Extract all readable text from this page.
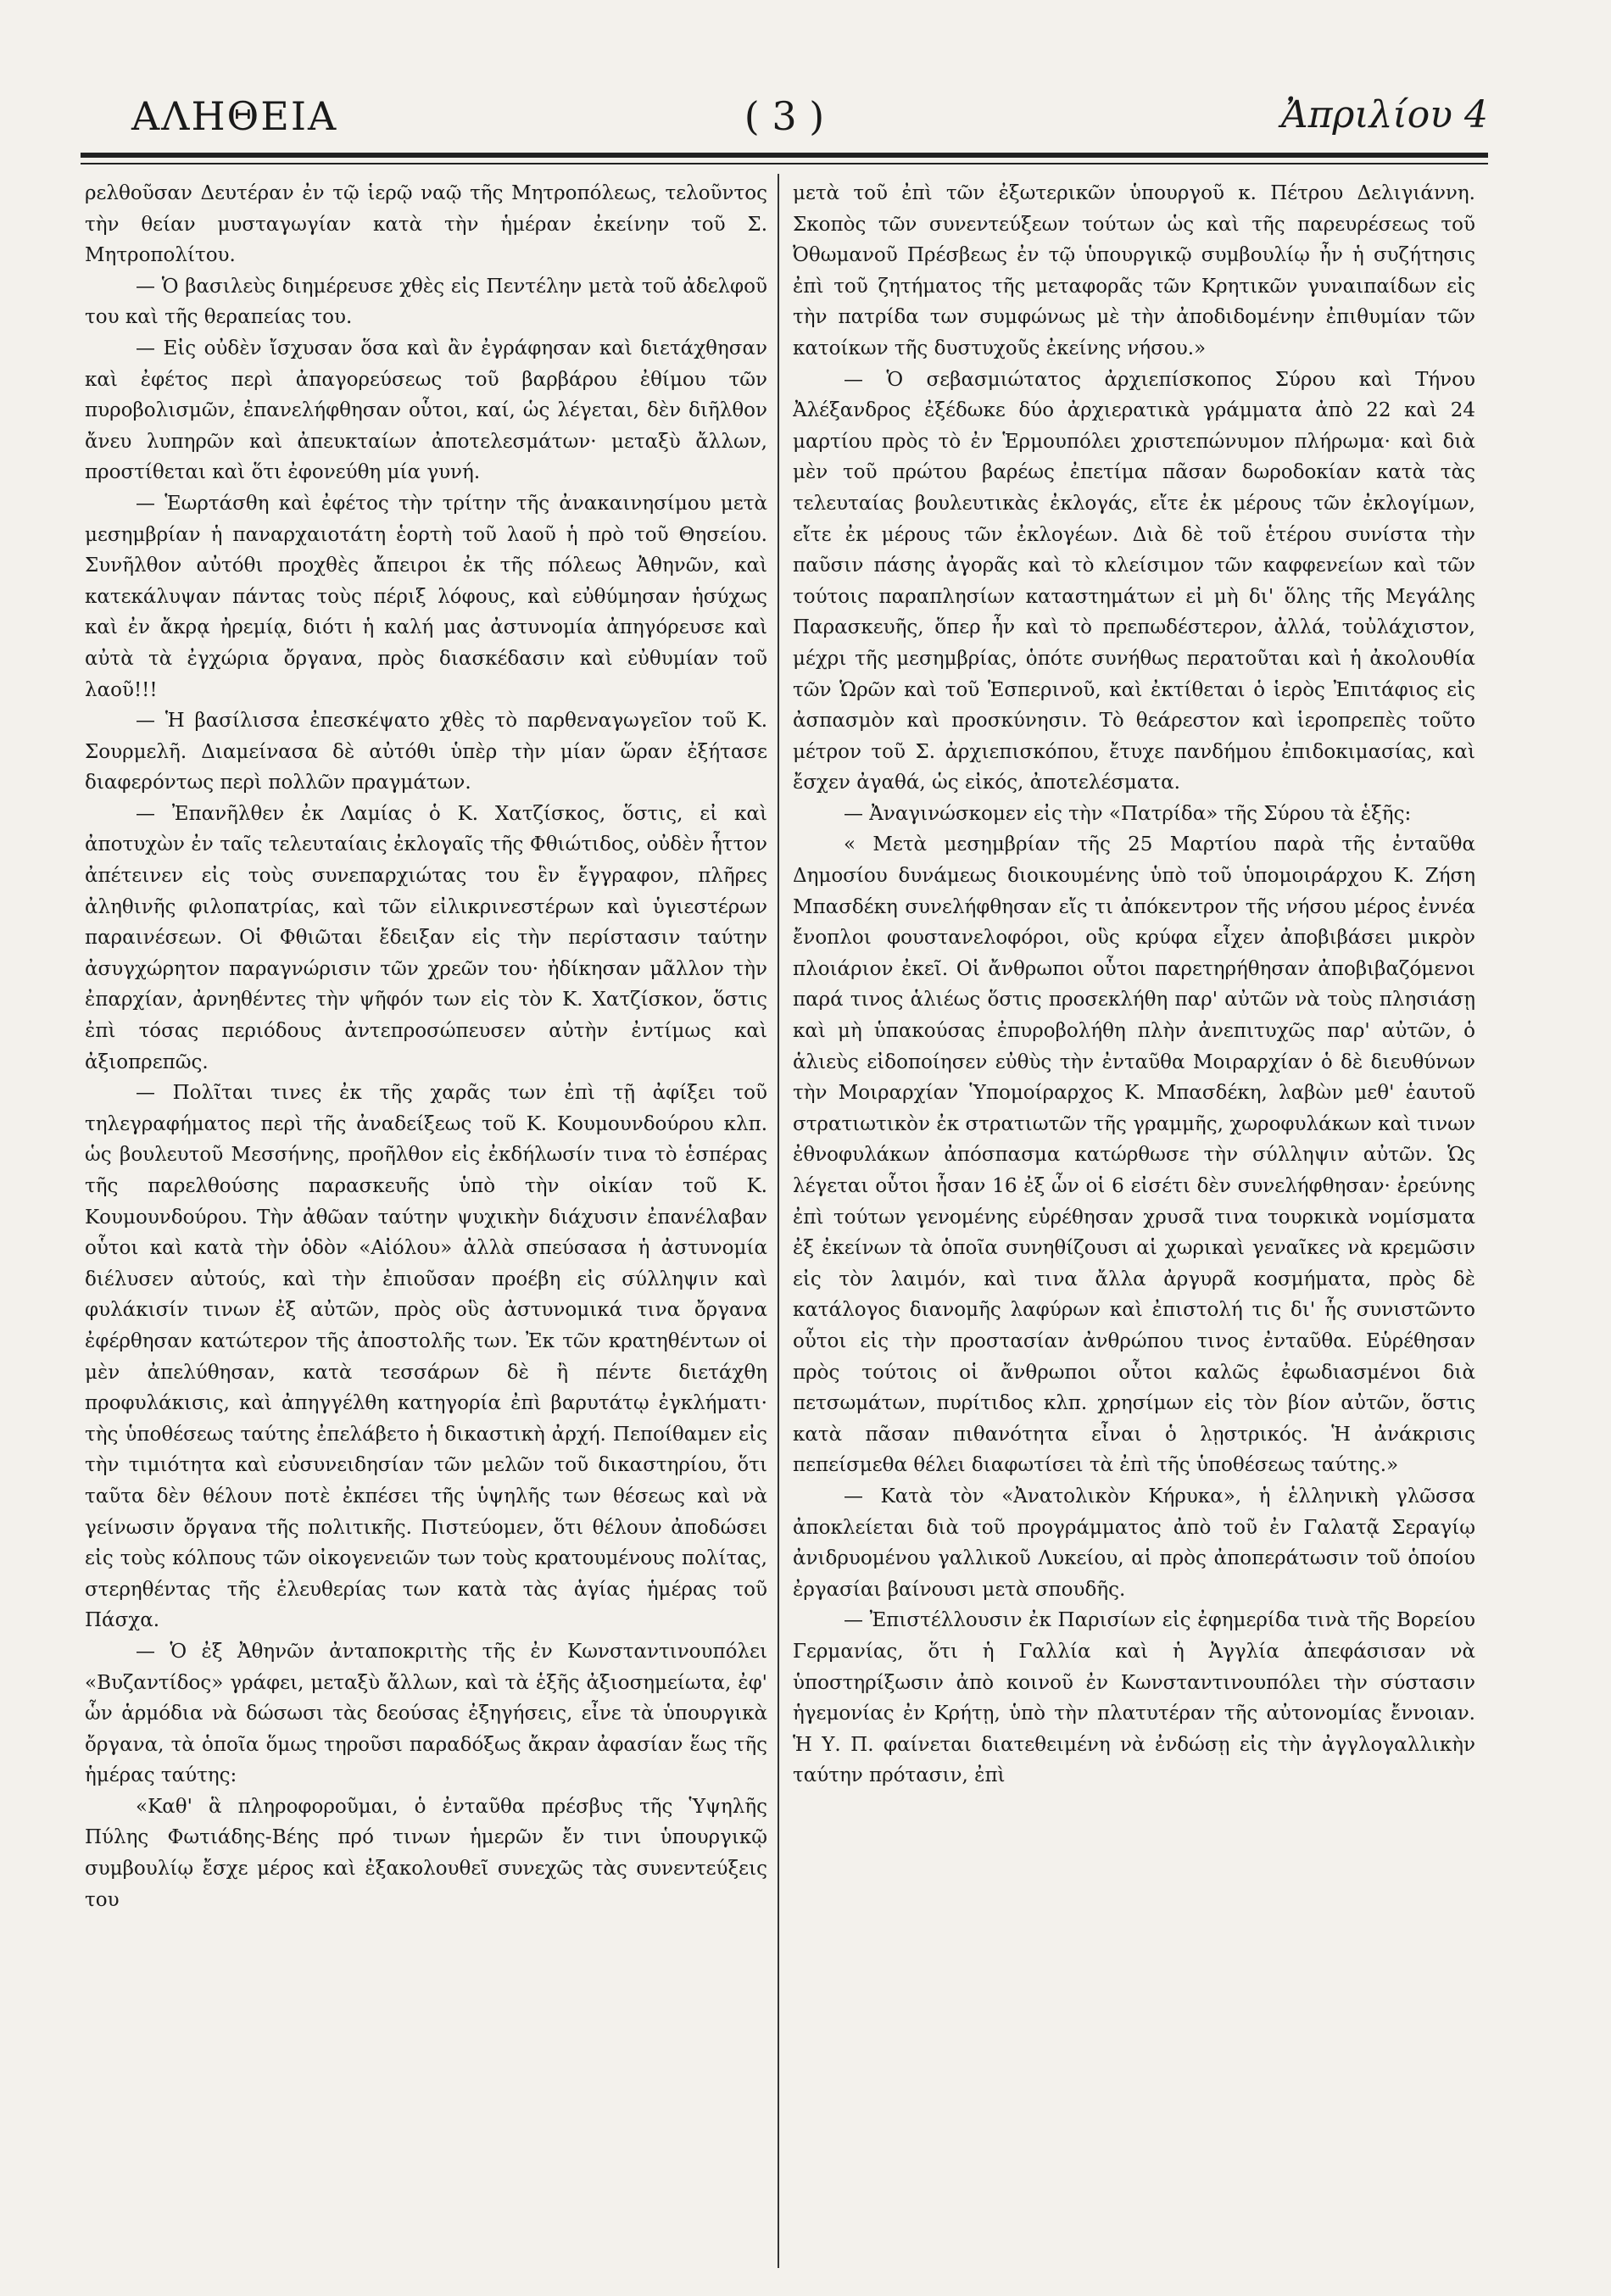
( 3 )
ΑΛΗΘΕΙΑ	Ἀπριλίου 4

ρελθοῦσαν Δευτέραν ἐν τῷ ἱερῷ ναῷ τῆς Μητροπόλεως, τελοῦντος τὴν θείαν μυσταγωγίαν κατὰ τὴν ἡμέραν ἐκείνην τοῦ Σ. Μητροπολίτου.

— Ὁ βασιλεὺς διημέρευσε χθὲς εἰς Πεντέλην μετὰ τοῦ ἀδελφοῦ του καὶ τῆς θεραπείας του.

— Εἰς οὐδὲν ἴσχυσαν ὅσα καὶ ἂν ἐγράφησαν καὶ διετάχθησαν καὶ ἐφέτος περὶ ἀπαγορεύσεως τοῦ βαρβάρου ἐθίμου τῶν πυροβολισμῶν, ἐπανελήφθησαν οὗτοι, καί, ὡς λέγεται, δὲν διῆλθον ἄνευ λυπηρῶν καὶ ἀπευκταίων ἀποτελεσμάτων· μεταξὺ ἄλλων, προστίθεται καὶ ὅτι ἐφονεύθη μία γυνή.

— Ἑωρτάσθη καὶ ἐφέτος τὴν τρίτην τῆς ἀνακαινησίμου μετὰ μεσημβρίαν ἡ παναρχαιοτάτη ἑορτὴ τοῦ λαοῦ ἡ πρὸ τοῦ Θησείου. Συνῆλθον αὐτόθι προχθὲς ἄπειροι ἐκ τῆς πόλεως Ἀθηνῶν, καὶ κατεκάλυψαν πάντας τοὺς πέριξ λόφους, καὶ εὐθύμησαν ἡσύχως καὶ ἐν ἄκρᾳ ἠρεμίᾳ, διότι ἡ καλή μας ἀστυνομία ἀπηγόρευσε καὶ αὐτὰ τὰ ἐγχώρια ὄργανα, πρὸς διασκέδασιν καὶ εὐθυμίαν τοῦ λαοῦ!!!

— Ἡ βασίλισσα ἐπεσκέψατο χθὲς τὸ παρθεναγωγεῖον τοῦ Κ. Σουρμελῆ. Διαμείνασα δὲ αὐτόθι ὑπὲρ τὴν μίαν ὥραν ἐξήτασε διαφερόντως περὶ πολλῶν πραγμάτων.

— Ἐπανῆλθεν ἐκ Λαμίας ὁ Κ. Χατζίσκος, ὅστις, εἰ καὶ ἀποτυχὼν ἐν ταῖς τελευταίαις ἐκλογαῖς τῆς Φθιώτιδος, οὐδὲν ἧττον ἀπέτεινεν εἰς τοὺς συνεπαρχιώτας του ἓν ἔγγραφον, πλῆρες ἀληθινῆς φιλοπατρίας, καὶ τῶν εἰλικρινεστέρων καὶ ὑγιεστέρων παραινέσεων. Οἱ Φθιῶται ἔδειξαν εἰς τὴν περίστασιν ταύτην ἀσυγχώρητον παραγνώρισιν τῶν χρεῶν του· ἠδίκησαν μᾶλλον τὴν ἐπαρχίαν, ἀρνηθέντες τὴν ψῆφόν των εἰς τὸν Κ. Χατζίσκον, ὅστις ἐπὶ τόσας περιόδους ἀντεπροσώπευσεν αὐτὴν ἐντίμως καὶ ἀξιοπρεπῶς.

— Πολῖται τινες ἐκ τῆς χαρᾶς των ἐπὶ τῇ ἀφίξει τοῦ τηλεγραφήματος περὶ τῆς ἀναδείξεως τοῦ Κ. Κουμουνδούρου κλπ. ὡς βουλευτοῦ Μεσσήνης, προῆλθον εἰς ἐκδήλωσίν τινα τὸ ἑσπέρας τῆς παρελθούσης παρασκευῆς ὑπὸ τὴν οἰκίαν τοῦ Κ. Κουμουνδούρου. Τὴν ἀθῶαν ταύτην ψυχικὴν διάχυσιν ἐπανέλαβαν οὗτοι καὶ κατὰ τὴν ὁδὸν «Αἰόλου» ἀλλὰ σπεύσασα ἡ ἀστυνομία διέλυσεν αὐτούς, καὶ τὴν ἐπιοῦσαν προέβη εἰς σύλληψιν καὶ φυλάκισίν τινων ἐξ αὐτῶν, πρὸς οὓς ἀστυνομικά τινα ὄργανα ἐφέρθησαν κατώτερον τῆς ἀποστολῆς των. Ἐκ τῶν κρατηθέντων οἱ μὲν ἀπελύθησαν, κατὰ τεσσάρων δὲ ἢ πέντε διετάχθη προφυλάκισις, καὶ ἀπηγγέλθη κατηγορία ἐπὶ βαρυτάτῳ ἐγκλήματι· τὴς ὑποθέσεως ταύτης ἐπελάβετο ἡ δικαστικὴ ἀρχή. Πεποίθαμεν εἰς τὴν τιμιότητα καὶ εὐσυνειδησίαν τῶν μελῶν τοῦ δικαστηρίου, ὅτι ταῦτα δὲν θέλουν ποτὲ ἐκπέσει τῆς ὑψηλῆς των θέσεως καὶ νὰ γείνωσιν ὄργανα τῆς πολιτικῆς. Πιστεύομεν, ὅτι θέλουν ἀποδώσει εἰς τοὺς κόλπους τῶν οἰκογενειῶν των τοὺς κρατουμένους πολίτας, στερηθέντας τῆς ἐλευθερίας των κατὰ τὰς ἁγίας ἡμέρας τοῦ Πάσχα.

— Ὁ ἐξ Ἀθηνῶν ἀνταποκριτὴς τῆς ἐν Κωνσταντινουπόλει «Βυζαντίδος» γράφει, μεταξὺ ἄλλων, καὶ τὰ ἑξῆς ἀξιοσημείωτα, ἐφ' ὧν ἁρμόδια νὰ δώσωσι τὰς δεούσας ἐξηγήσεις, εἶνε τὰ ὑπουργικὰ ὄργανα, τὰ ὁποῖα ὅμως τηροῦσι παραδόξως ἄκραν ἀφασίαν ἕως τῆς ἡμέρας ταύτης:

«Καθ' ἃ πληροφοροῦμαι, ὁ ἐνταῦθα πρέσβυς τῆς Ὑψηλῆς Πύλης Φωτιάδης-Βέης πρό τινων ἡμερῶν ἔν τινι ὑπουργικῷ συμβουλίῳ ἔσχε μέρος καὶ ἐξακολουθεῖ συνεχῶς τὰς συνεντεύξεις του

μετὰ τοῦ ἐπὶ τῶν ἐξωτερικῶν ὑπουργοῦ κ. Πέτρου Δελιγιάννη. Σκοπὸς τῶν συνεντεύξεων τούτων ὡς καὶ τῆς παρευρέσεως τοῦ Ὀθωμανοῦ Πρέσβεως ἐν τῷ ὑπουργικῷ συμβουλίῳ ἦν ἡ συζήτησις ἐπὶ τοῦ ζητήματος τῆς μεταφορᾶς τῶν Κρητικῶν γυναιπαίδων εἰς τὴν πατρίδα των συμφώνως μὲ τὴν ἀποδιδομένην ἐπιθυμίαν τῶν κατοίκων τῆς δυστυχοῦς ἐκείνης νήσου.»

— Ὁ σεβασμιώτατος ἀρχιεπίσκοπος Σύρου καὶ Τήνου Ἀλέξανδρος ἐξέδωκε δύο ἀρχιερατικὰ γράμματα ἀπὸ 22 καὶ 24 μαρτίου πρὸς τὸ ἐν Ἑρμουπόλει χριστεπώνυμον πλήρωμα· καὶ διὰ μὲν τοῦ πρώτου βαρέως ἐπετίμα πᾶσαν δωροδοκίαν κατὰ τὰς τελευταίας βουλευτικὰς ἐκλογάς, εἴτε ἐκ μέρους τῶν ἐκλογίμων, εἴτε ἐκ μέρους τῶν ἐκλογέων. Διὰ δὲ τοῦ ἑτέρου συνίστα τὴν παῦσιν πάσης ἀγορᾶς καὶ τὸ κλείσιμον τῶν καφφενείων καὶ τῶν τούτοις παραπλησίων καταστημάτων εἰ μὴ δι' ὅλης τῆς Μεγάλης Παρασκευῆς, ὅπερ ἦν καὶ τὸ πρεπωδέστερον, ἀλλά, τοὐλάχιστον, μέχρι τῆς μεσημβρίας, ὁπότε συνήθως περατοῦται καὶ ἡ ἀκολουθία τῶν Ὡρῶν καὶ τοῦ Ἑσπερινοῦ, καὶ ἐκτίθεται ὁ ἱερὸς Ἐπιτάφιος εἰς ἀσπασμὸν καὶ προσκύνησιν. Τὸ θεάρεστον καὶ ἱεροπρεπὲς τοῦτο μέτρον τοῦ Σ. ἀρχιεπισκόπου, ἔτυχε πανδήμου ἐπιδοκιμασίας, καὶ ἔσχεν ἀγαθά, ὡς εἰκός, ἀποτελέσματα.

— Ἀναγινώσκομεν εἰς τὴν «Πατρίδα» τῆς Σύρου τὰ ἑξῆς:

« Μετὰ μεσημβρίαν τῆς 25 Μαρτίου παρὰ τῆς ἐνταῦθα Δημοσίου δυνάμεως διοικουμένης ὑπὸ τοῦ ὑπομοιράρχου Κ. Ζήση Μπασδέκη συνελήφθησαν εἴς τι ἀπόκεντρον τῆς νήσου μέρος ἐννέα ἔνοπλοι φουστανελοφόροι, οὓς κρύφα εἶχεν ἀποβιβάσει μικρὸν πλοιάριον ἐκεῖ. Οἱ ἄνθρωποι οὗτοι παρετηρήθησαν ἀποβιβαζόμενοι παρά τινος ἁλιέως ὅστις προσεκλήθη παρ' αὐτῶν νὰ τοὺς πλησιάσῃ καὶ μὴ ὑπακούσας ἐπυροβολήθη πλὴν ἀνεπιτυχῶς παρ' αὐτῶν, ὁ ἁλιεὺς εἰδοποίησεν εὐθὺς τὴν ἐνταῦθα Μοιραρχίαν ὁ δὲ διευθύνων τὴν Μοιραρχίαν Ὑπομοίραρχος Κ. Μπασδέκη, λαβὼν μεθ' ἑαυτοῦ στρατιωτικὸν ἐκ στρατιωτῶν τῆς γραμμῆς, χωροφυλάκων καὶ τινων ἐθνοφυλάκων ἀπόσπασμα κατώρθωσε τὴν σύλληψιν αὐτῶν. Ὡς λέγεται οὗτοι ἦσαν 16 ἐξ ὧν οἱ 6 εἰσέτι δὲν συνελήφθησαν· ἐρεύνης ἐπὶ τούτων γενομένης εὑρέθησαν χρυσᾶ τινα τουρκικὰ νομίσματα ἐξ ἐκείνων τὰ ὁποῖα συνηθίζουσι αἱ χωρικαὶ γεναῖκες νὰ κρεμῶσιν εἰς τὸν λαιμόν, καὶ τινα ἄλλα ἀργυρᾶ κοσμήματα, πρὸς δὲ κατάλογος διανομῆς λαφύρων καὶ ἐπιστολή τις δι' ἧς συνιστῶντο οὗτοι εἰς τὴν προστασίαν ἀνθρώπου τινος ἐνταῦθα. Εὑρέθησαν πρὸς τούτοις οἱ ἄνθρωποι οὗτοι καλῶς ἐφωδιασμένοι διὰ πετσωμάτων, πυρίτιδος κλπ. χρησίμων εἰς τὸν βίον αὐτῶν, ὅστις κατὰ πᾶσαν πιθανότητα εἶναι ὁ λῃστρικός. Ἡ ἀνάκρισις πεπείσμεθα θέλει διαφωτίσει τὰ ἐπὶ τῆς ὑποθέσεως ταύτης.»

— Κατὰ τὸν «Ἀνατολικὸν Κήρυκα», ἡ ἑλληνικὴ γλῶσσα ἀποκλείεται διὰ τοῦ προγράμματος ἀπὸ τοῦ ἐν Γαλατᾷ Σεραγίῳ ἀνιδρυομένου γαλλικοῦ Λυκείου, αἱ πρὸς ἀποπεράτωσιν τοῦ ὁποίου ἐργασίαι βαίνουσι μετὰ σπουδῆς.

— Ἐπιστέλλουσιν ἐκ Παρισίων εἰς ἐφημερίδα τινὰ τῆς Βορείου Γερμανίας, ὅτι ἡ Γαλλία καὶ ἡ Ἀγγλία ἀπεφάσισαν νὰ ὑποστηρίξωσιν ἀπὸ κοινοῦ ἐν Κωνσταντινουπόλει τὴν σύστασιν ἡγεμονίας ἐν Κρήτῃ, ὑπὸ τὴν πλατυτέραν τῆς αὐτονομίας ἔννοιαν. Ἡ Υ. Π. φαίνεται διατεθειμένη νὰ ἐνδώσῃ εἰς τὴν ἀγγλογαλλικὴν ταύτην πρότασιν, ἐπὶ
